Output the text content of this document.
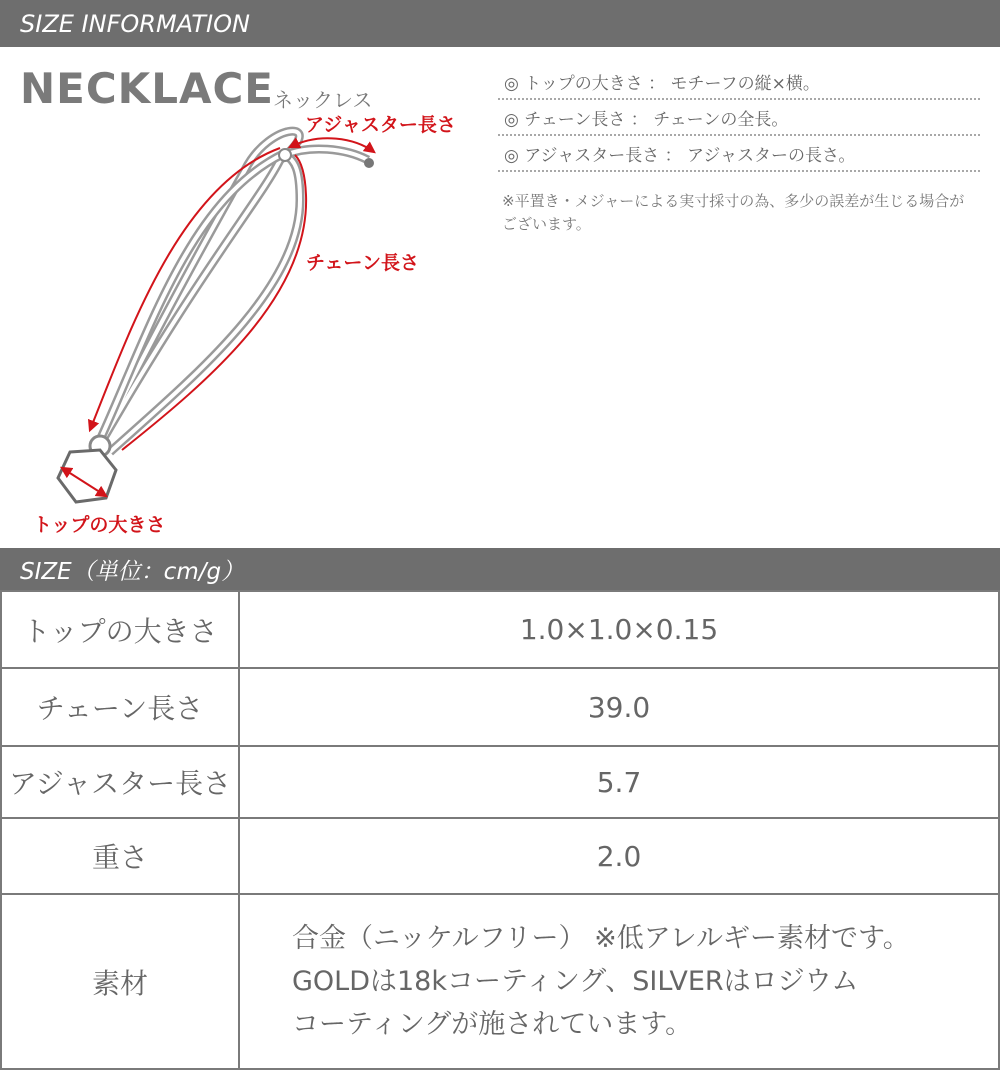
SIZE INFORMATION
NECKLACE ネックレス
アジャスター長さ
チェーン長さ
トップの大きさ
◎ トップの大きさ ： モチーフの縦×横。
◎ チェーン長さ ： チェーンの全長。
◎ アジャスター長さ ： アジャスターの長さ。
※平置き・メジャーによる実寸採寸の為、多少の誤差が生じる場合がございます。
SIZE（単位：cm/g）
トップの大きさ	1.0×1.0×0.15
チェーン長さ	39.0
アジャスター長さ	5.7
重さ	2.0
素材	合金（ニッケルフリー） ※低アレルギー素材です。
GOLDは18kコーティング、SILVERはロジウム
コーティングが施されています。
